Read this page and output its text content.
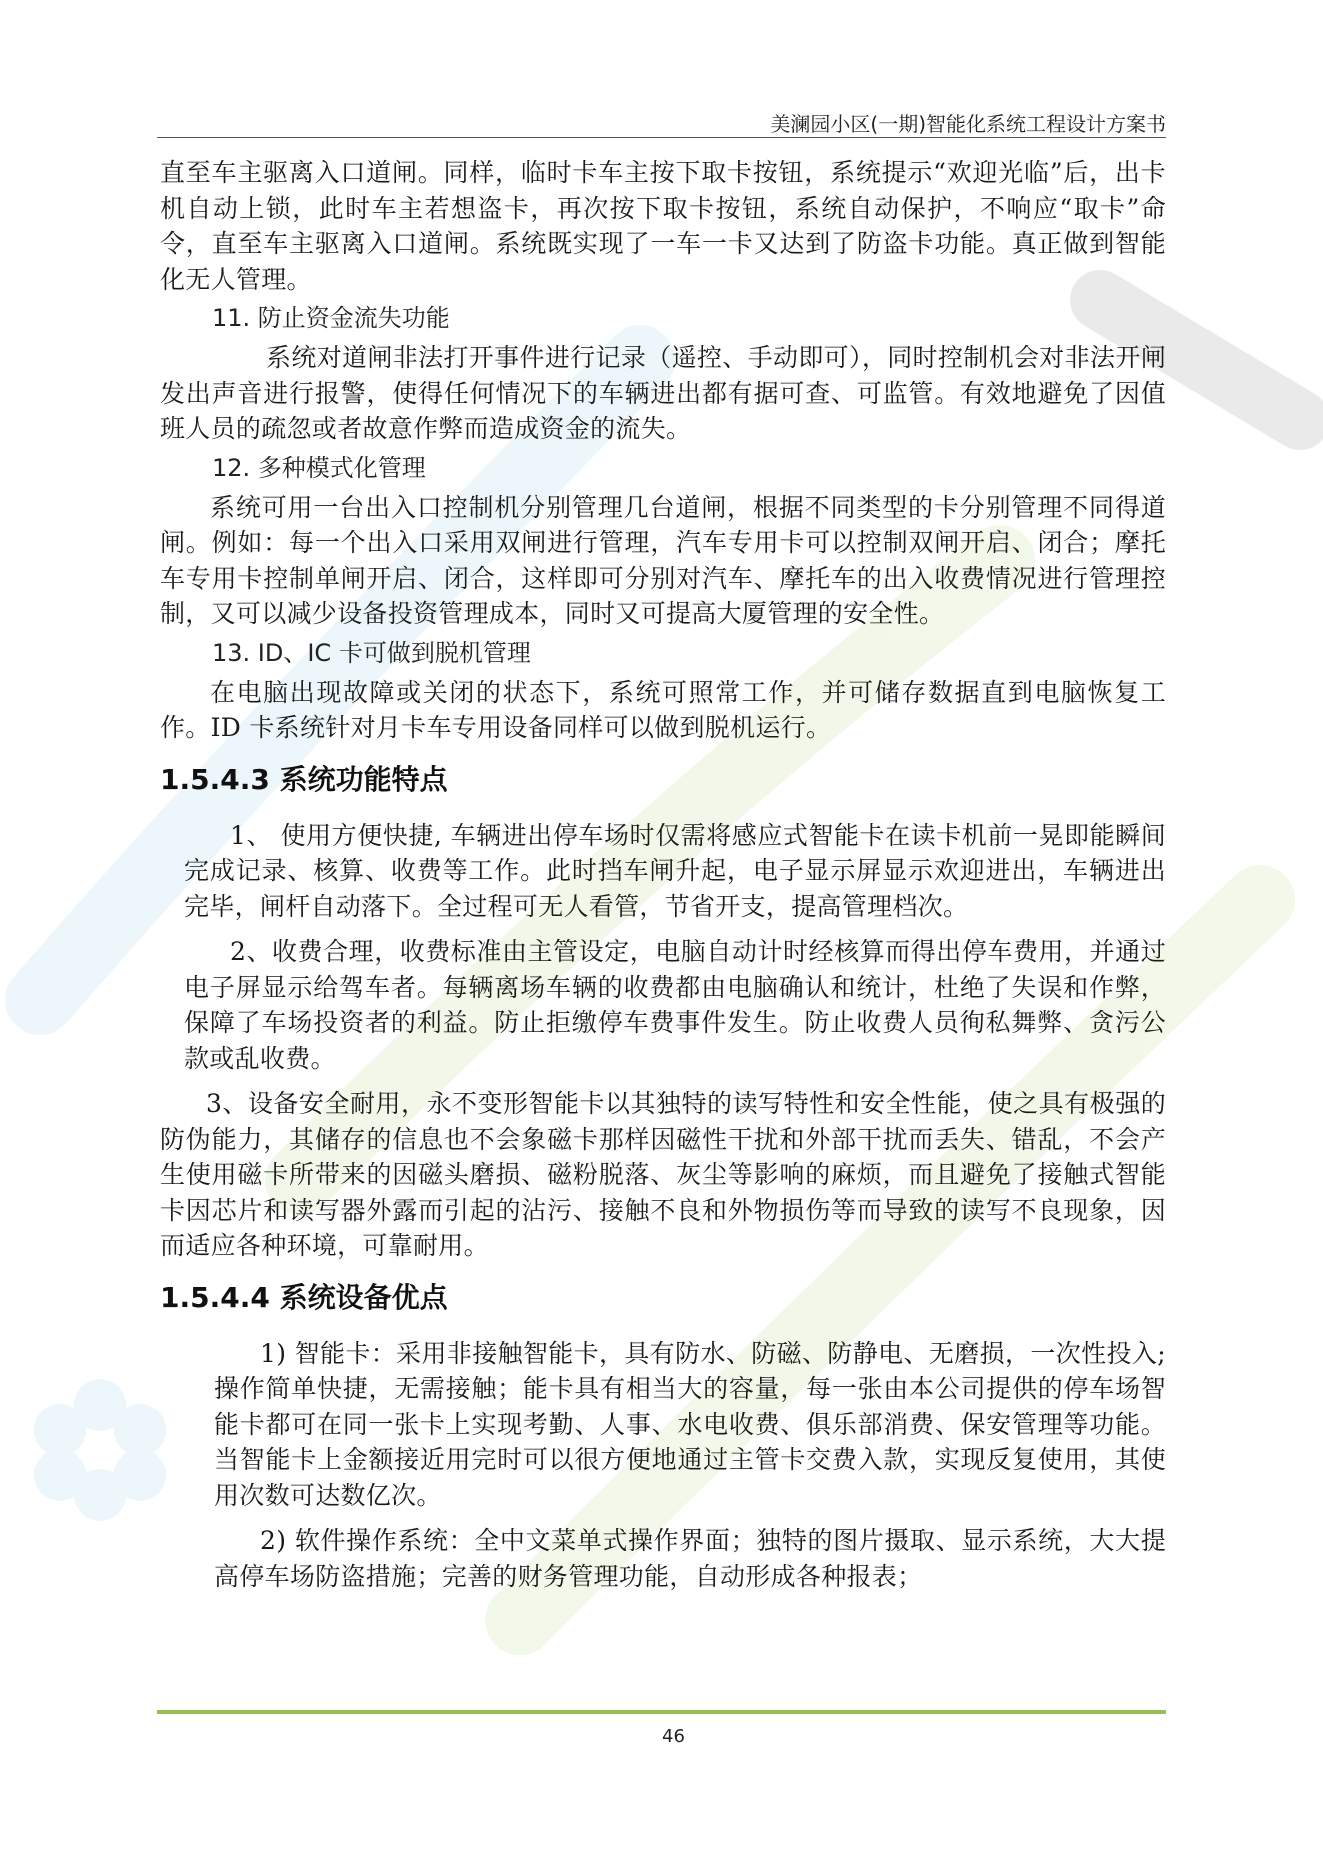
美澜园小区(一期)智能化系统工程设计方案书

直至车主驱离入口道闸。同样，临时卡车主按下取卡按钮，系统提示“欢迎光临”后，出卡机自动上锁，此时车主若想盗卡，再次按下取卡按钮，系统自动保护，不响应“取卡”命令，直至车主驱离入口道闸。系统既实现了一车一卡又达到了防盗卡功能。真正做到智能化无人管理。

11. 防止资金流失功能

系统对道闸非法打开事件进行记录（遥控、手动即可），同时控制机会对非法开闸发出声音进行报警，使得任何情况下的车辆进出都有据可查、可监管。有效地避免了因值班人员的疏忽或者故意作弊而造成资金的流失。

12. 多种模式化管理

系统可用一台出入口控制机分别管理几台道闸，根据不同类型的卡分别管理不同得道闸。例如：每一个出入口采用双闸进行管理，汽车专用卡可以控制双闸开启、闭合；摩托车专用卡控制单闸开启、闭合，这样即可分别对汽车、摩托车的出入收费情况进行管理控制，又可以减少设备投资管理成本，同时又可提高大厦管理的安全性。

13. ID、IC 卡可做到脱机管理

在电脑出现故障或关闭的状态下，系统可照常工作，并可储存数据直到电脑恢复工作。ID 卡系统针对月卡车专用设备同样可以做到脱机运行。

1.5.4.3 系统功能特点

1、 使用方便快捷, 车辆进出停车场时仅需将感应式智能卡在读卡机前一晃即能瞬间完成记录、核算、收费等工作。此时挡车闸升起，电子显示屏显示欢迎进出，车辆进出完毕，闸杆自动落下。全过程可无人看管，节省开支，提高管理档次。

2、收费合理，收费标准由主管设定，电脑自动计时经核算而得出停车费用，并通过电子屏显示给驾车者。每辆离场车辆的收费都由电脑确认和统计，杜绝了失误和作弊，保障了车场投资者的利益。防止拒缴停车费事件发生。防止收费人员徇私舞弊、贪污公款或乱收费。

3、设备安全耐用，永不变形智能卡以其独特的读写特性和安全性能，使之具有极强的防伪能力，其储存的信息也不会象磁卡那样因磁性干扰和外部干扰而丢失、错乱，不会产生使用磁卡所带来的因磁头磨损、磁粉脱落、灰尘等影响的麻烦，而且避免了接触式智能卡因芯片和读写器外露而引起的沾污、接触不良和外物损伤等而导致的读写不良现象，因而适应各种环境，可靠耐用。

1.5.4.4 系统设备优点

1) 智能卡：采用非接触智能卡，具有防水、防磁、防静电、无磨损，一次性投入;操作简单快捷，无需接触；能卡具有相当大的容量，每一张由本公司提供的停车场智能卡都可在同一张卡上实现考勤、人事、水电收费、俱乐部消费、保安管理等功能。当智能卡上金额接近用完时可以很方便地通过主管卡交费入款，实现反复使用，其使用次数可达数亿次。

2) 软件操作系统：全中文菜单式操作界面；独特的图片摄取、显示系统，大大提高停车场防盗措施；完善的财务管理功能，自动形成各种报表；

46
